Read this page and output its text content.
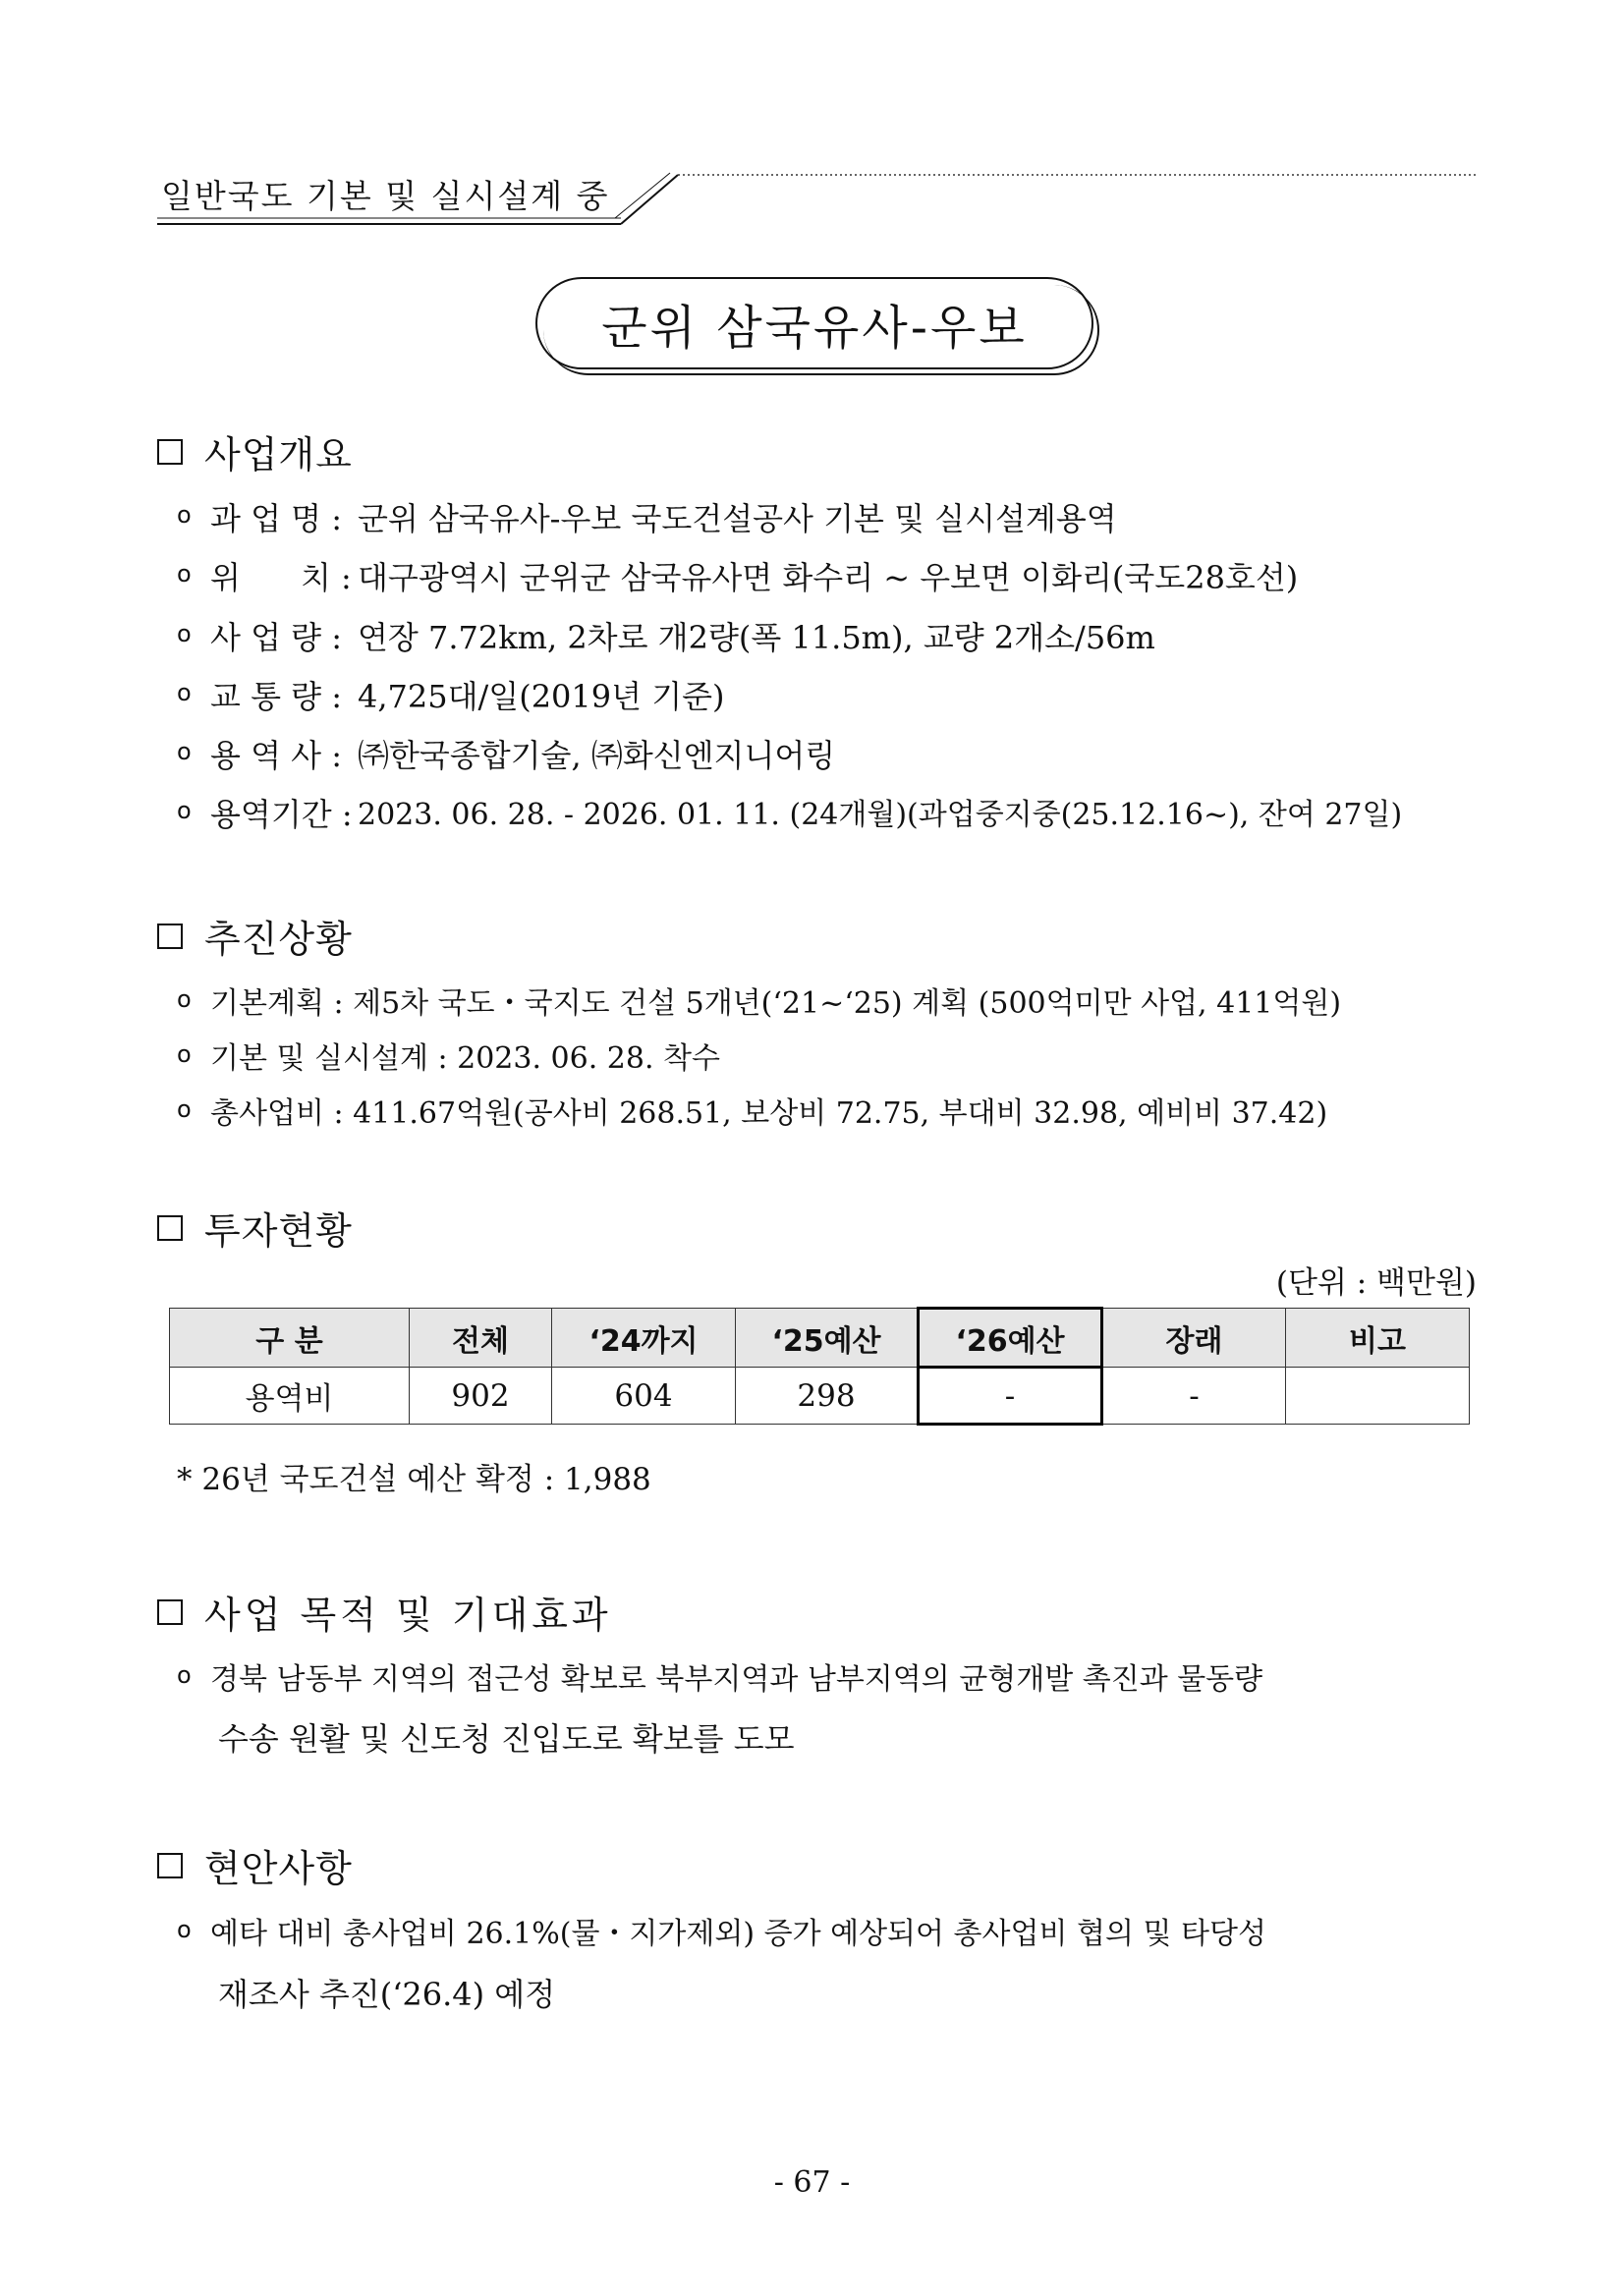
일반국도 기본 및 실시설계 중
군위 삼국유사-우보
사업개요
o 과 업 명 : 군위 삼국유사-우보 국도건설공사 기본 및 실시설계용역
o 위      치 : 대구광역시 군위군 삼국유사면 화수리 ~ 우보면 이화리(국도28호선)
o 사 업 량 : 연장 7.72km, 2차로 개2량(폭 11.5m), 교량 2개소/56m
o 교 통 량 : 4,725대/일(2019년 기준)
o 용 역 사 : ㈜한국종합기술, ㈜화신엔지니어링
o 용역기간 : 2023. 06. 28. - 2026. 01. 11. (24개월)(과업중지중(25.12.16~), 잔여 27일)
추진상황
o 기본계획 : 제5차 국도・국지도 건설 5개년(‘21~‘25) 계획 (500억미만 사업, 411억원)
o 기본 및 실시설계 : 2023. 06. 28. 착수
o 총사업비 : 411.67억원(공사비 268.51, 보상비 72.75, 부대비 32.98, 예비비 37.42)
투자현황
(단위 : 백만원)
구 분	전체	‘24까지	‘25예산	‘26예산	장래	비고
용역비	902	604	298	-	-	
* 26년 국도건설 예산 확정 : 1,988
사업 목적 및 기대효과
o 경북 남동부 지역의 접근성 확보로 북부지역과 남부지역의 균형개발 촉진과 물동량
수송 원활 및 신도청 진입도로 확보를 도모
현안사항
o 예타 대비 총사업비 26.1%(물・지가제외) 증가 예상되어 총사업비 협의 및 타당성
재조사 추진(‘26.4) 예정
- 67 -
